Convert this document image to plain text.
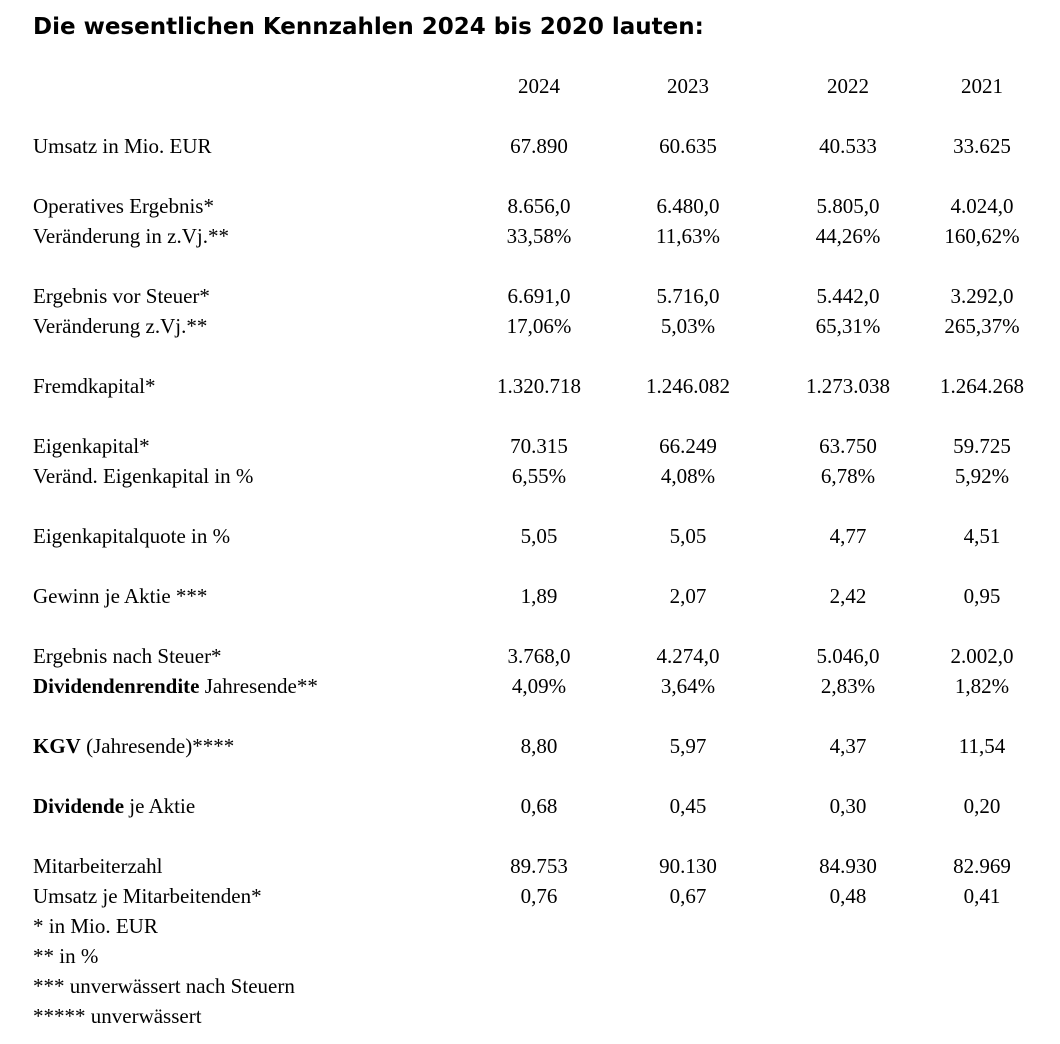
Die wesentlichen Kennzahlen 2024 bis 2020 lauten:
2024	2023	2022	2021
Umsatz in Mio. EUR	67.890	60.635	40.533	33.625
Operatives Ergebnis*	8.656,0	6.480,0	5.805,0	4.024,0
Veränderung in z.Vj.**	33,58%	11,63%	44,26%	160,62%
Ergebnis vor Steuer*	6.691,0	5.716,0	5.442,0	3.292,0
Veränderung z.Vj.**	17,06%	5,03%	65,31%	265,37%
Fremdkapital*	1.320.718	1.246.082	1.273.038 1.264.268
Eigenkapital*	70.315	66.249	63.750	59.725
Veränd. Eigenkapital in %	6,55%	4,08%	6,78%	5,92%
Eigenkapitalquote in %	5,05	5,05	4,77	4,51
Gewinn je Aktie ***	1,89	2,07	2,42	0,95
Ergebnis nach Steuer*	3.768,0	4.274,0	5.046,0	2.002,0
Dividendenrendite Jahresende**	4,09%	3,64%	2,83%	1,82%
KGV (Jahresende)****	8,80	5,97	4,37	11,54
Dividende je Aktie	0,68	0,45	0,30	0,20
Mitarbeiterzahl	89.753	90.130	84.930	82.969
Umsatz je Mitarbeitenden*	0,76	0,67	0,48	0,41
* in Mio. EUR
** in %
*** unverwässert nach Steuern
***** unverwässert
